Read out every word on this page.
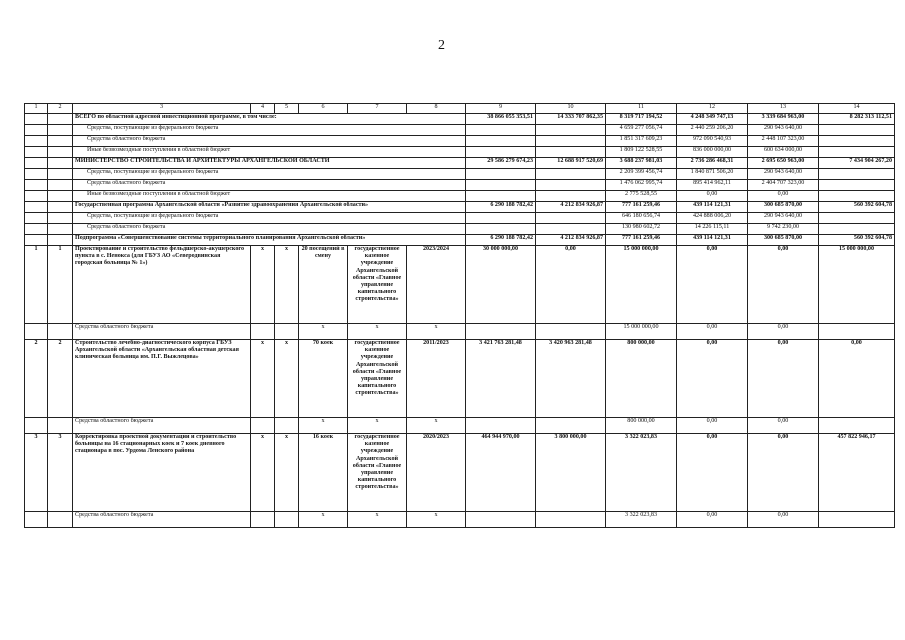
2
1	2	3	4	5	6	7	8	9	10	11	12	13	14
		ВСЕГО по областной адресной инвестиционной программе, в том числе:						38 866 055 353,51	14 333 707 862,35	8 319 717 194,52	4 248 349 747,13	3 339 684 963,00	8 282 313 112,51
		Средства, поступающие из федерального бюджета								4 659 277 056,74	2 440 259 206,20	290 943 640,00	
		Средства областного бюджета								1 851 317 609,23	972 090 540,93	2 448 107 323,00	
		Иные безвозмездные поступления в областной бюджет								1 809 122 528,55	836 000 000,00	600 634 000,00	
		МИНИСТЕРСТВО СТРОИТЕЛЬСТВА И АРХИТЕКТУРЫ АРХАНГЕЛЬСКОЙ ОБЛАСТИ						29 586 279 674,23	12 688 917 520,69	3 688 237 981,03	2 736 286 468,31	2 695 650 963,00	7 434 904 267,20
		Средства, поступающие из федерального бюджета								2 209 399 456,74	1 840 871 506,20	290 943 640,00	
		Средства областного бюджета								1 476 062 995,74	895 414 962,11	2 404 707 323,00	
		Иные безвозмездные поступления в областной бюджет								2 775 528,55	0,00	0,00	
		Государственная программа Архангельской области «Развитие здравоохранения Архангельской области»						6 290 188 782,42	4 212 834 926,87	777 161 259,46	439 114 121,31	300 685 870,00	560 392 604,78
		Средства, поступающие из федерального бюджета								646 180 656,74	424 888 006,20	290 943 640,00	
		Средства областного бюджета								130 980 602,72	14 226 115,11	9 742 230,00	
		Подпрограмма «Совершенствование системы территориального планирования Архангельской области»						6 290 188 782,42	4 212 834 926,87	777 161 259,46	439 114 121,31	300 685 870,00	560 392 604,78
1	1	Проектирование и строительство фельдшерско-акушерского пункта в с. Ненокса (для ГБУЗ АО «Северодвинская городская больница № 1»)	х	х	20 посещений в смену	государственное казенное учреждение Архангельской области «Главное управление капитального строительства»	2023/2024	30 000 000,00	0,00	15 000 000,00	0,00	0,00	15 000 000,00
		Средства областного бюджета			х	х	х			15 000 000,00	0,00	0,00	
2	2	Строительство лечебно-диагностического корпуса ГБУЗ Архангельской области «Архангельская областная детская клиническая больница им. П.Г. Выжлецова»	х	х	70 коек	государственное казенное учреждение Архангельской области «Главное управление капитального строительства»	2011/2023	3 421 763 281,48	3 420 963 281,48	800 000,00	0,00	0,00	0,00
		Средства областного бюджета			х	х	х			800 000,00	0,00	0,00	
3	3	Корректировка проектной документации и строительство больницы на 16 стационарных коек и 7 коек дневного стационара в пос. Урдома Ленского района	х	х	16 коек	государственное казенное учреждение Архангельской области «Главное управление капитального строительства»	2020/2023	464 944 970,00	3 800 000,00	3 322 023,83	0,00	0,00	457 822 946,17
		Средства областного бюджета			х	х	х			3 322 023,83	0,00	0,00	
